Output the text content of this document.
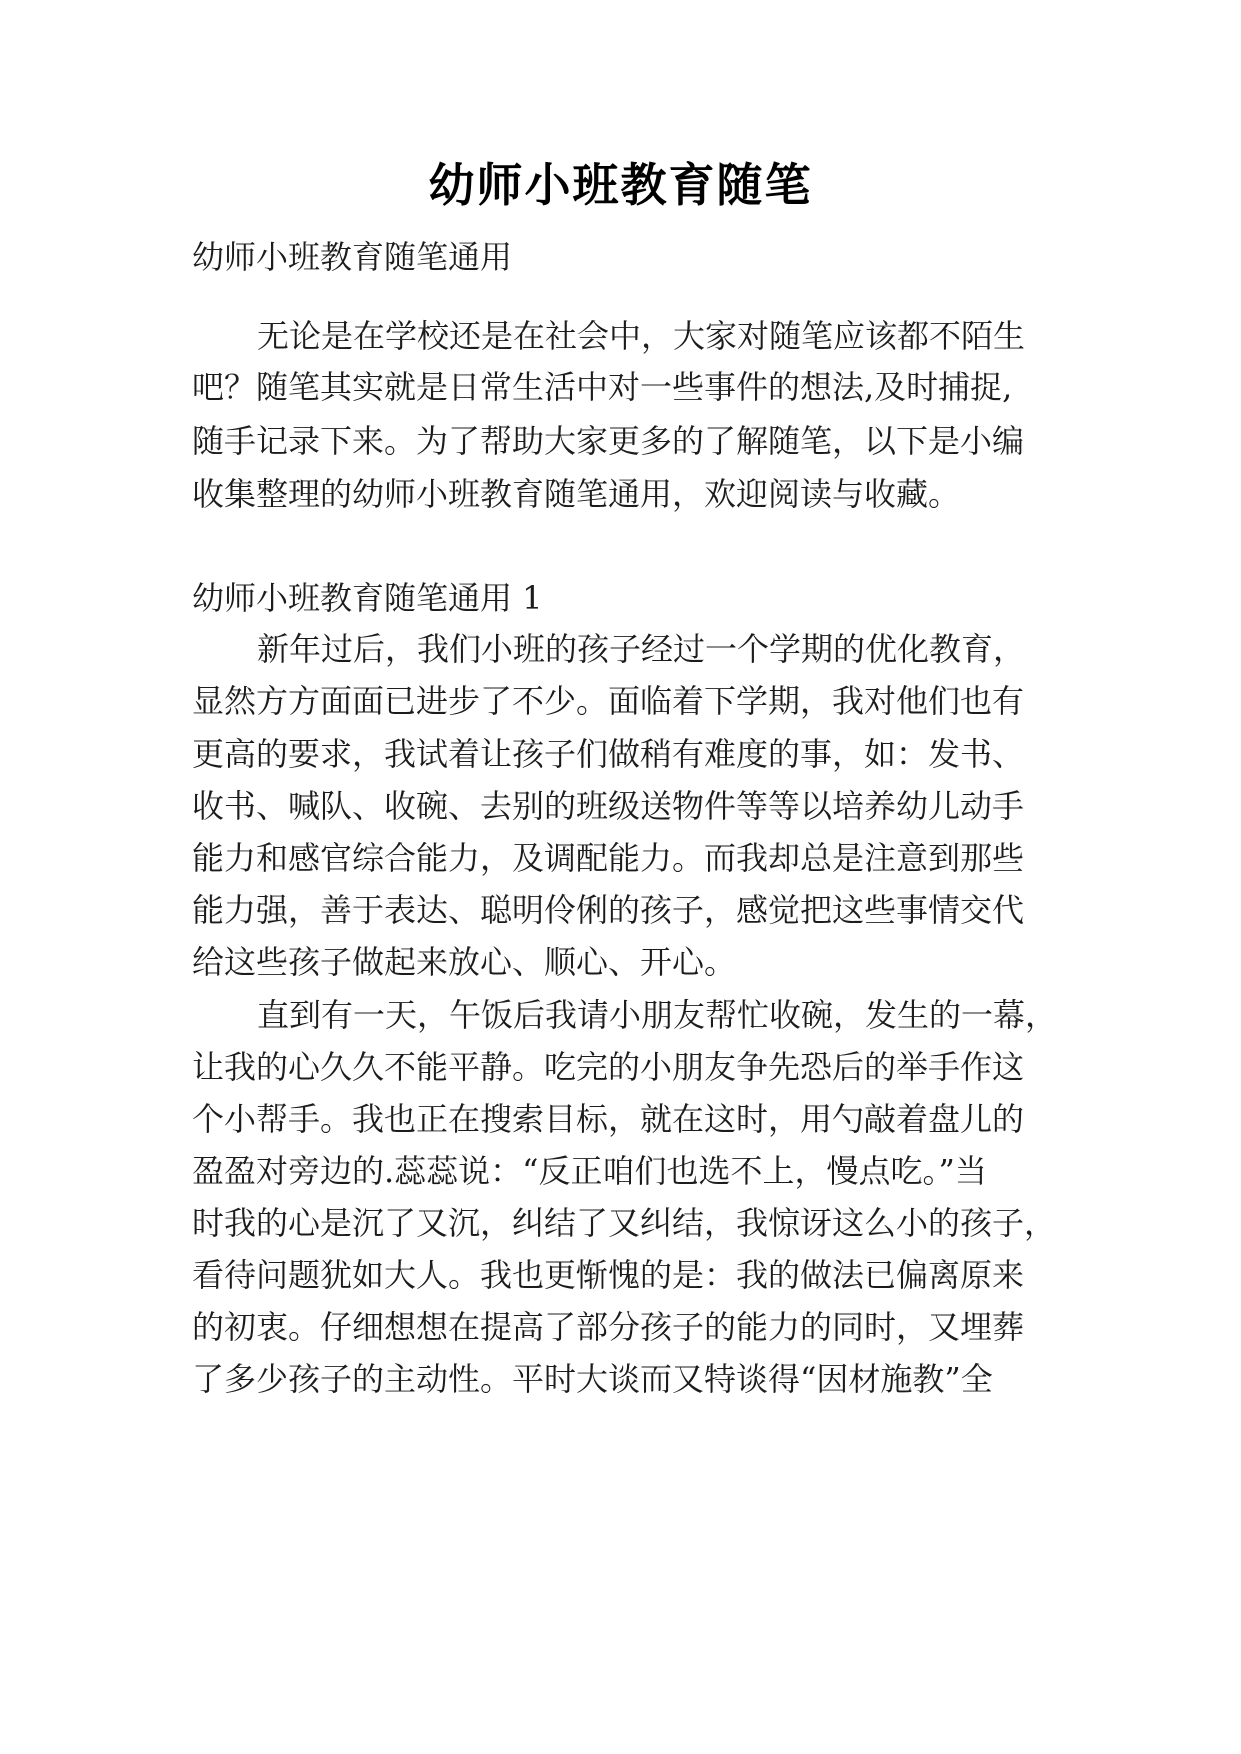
幼师小班教育随笔
幼师小班教育随笔通用
无论是在学校还是在社会中，大家对随笔应该都不陌生
吧？随笔其实就是日常生活中对一些事件的想法,及时捕捉,
随手记录下来。为了帮助大家更多的了解随笔，以下是小编
收集整理的幼师小班教育随笔通用，欢迎阅读与收藏。
幼师小班教育随笔通用 1
新年过后，我们小班的孩子经过一个学期的优化教育，
显然方方面面已进步了不少。面临着下学期，我对他们也有
更高的要求，我试着让孩子们做稍有难度的事，如：发书、
收书、喊队、收碗、去别的班级送物件等等以培养幼儿动手
能力和感官综合能力，及调配能力。而我却总是注意到那些
能力强，善于表达、聪明伶俐的孩子，感觉把这些事情交代
给这些孩子做起来放心、顺心、开心。
直到有一天，午饭后我请小朋友帮忙收碗，发生的一幕，
让我的心久久不能平静。吃完的小朋友争先恐后的举手作这
个小帮手。我也正在搜索目标，就在这时，用勺敲着盘儿的
盈盈对旁边的.蕊蕊说：“反正咱们也选不上，慢点吃。”当
时我的心是沉了又沉，纠结了又纠结，我惊讶这么小的孩子，
看待问题犹如大人。我也更惭愧的是：我的做法已偏离原来
的初衷。仔细想想在提高了部分孩子的能力的同时，又埋葬
了多少孩子的主动性。平时大谈而又特谈得“因材施教”全
